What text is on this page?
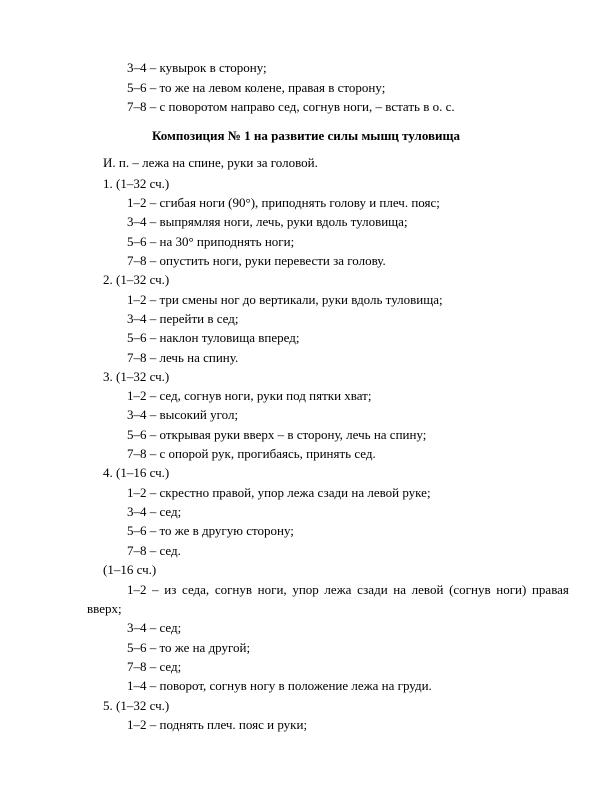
3–4 – кувырок в сторону;
5–6 – то же на левом колене, правая в сторону;
7–8 – с поворотом направо сед, согнув ноги, – встать в о. с.
Композиция № 1 на развитие силы мышц туловища
И. п. – лежа на спине, руки за головой.
1. (1–32 сч.)
1–2 – сгибая ноги (90°), приподнять голову и плеч. пояс;
3–4 – выпрямляя ноги, лечь, руки вдоль туловища;
5–6 – на 30° приподнять ноги;
7–8 – опустить ноги, руки перевести за голову.
2. (1–32 сч.)
1–2 – три смены ног до вертикали, руки вдоль туловища;
3–4 – перейти в сед;
5–6 – наклон туловища вперед;
7–8 – лечь на спину.
3. (1–32 сч.)
1–2 – сед, согнув ноги, руки под пятки хват;
3–4 – высокий угол;
5–6 – открывая руки вверх – в сторону, лечь на спину;
7–8 – с опорой рук, прогибаясь, принять сед.
4. (1–16 сч.)
1–2 – скрестно правой, упор лежа сзади на левой руке;
3–4 – сед;
5–6 – то же в другую сторону;
7–8 – сед.
(1–16 сч.)
1–2 – из седа, согнув ноги, упор лежа сзади на левой (согнув ноги) правая
вверх;
3–4 – сед;
5–6 – то же на другой;
7–8 – сед;
1–4 – поворот, согнув ногу в положение лежа на груди.
5. (1–32 сч.)
1–2 – поднять плеч. пояс и руки;
